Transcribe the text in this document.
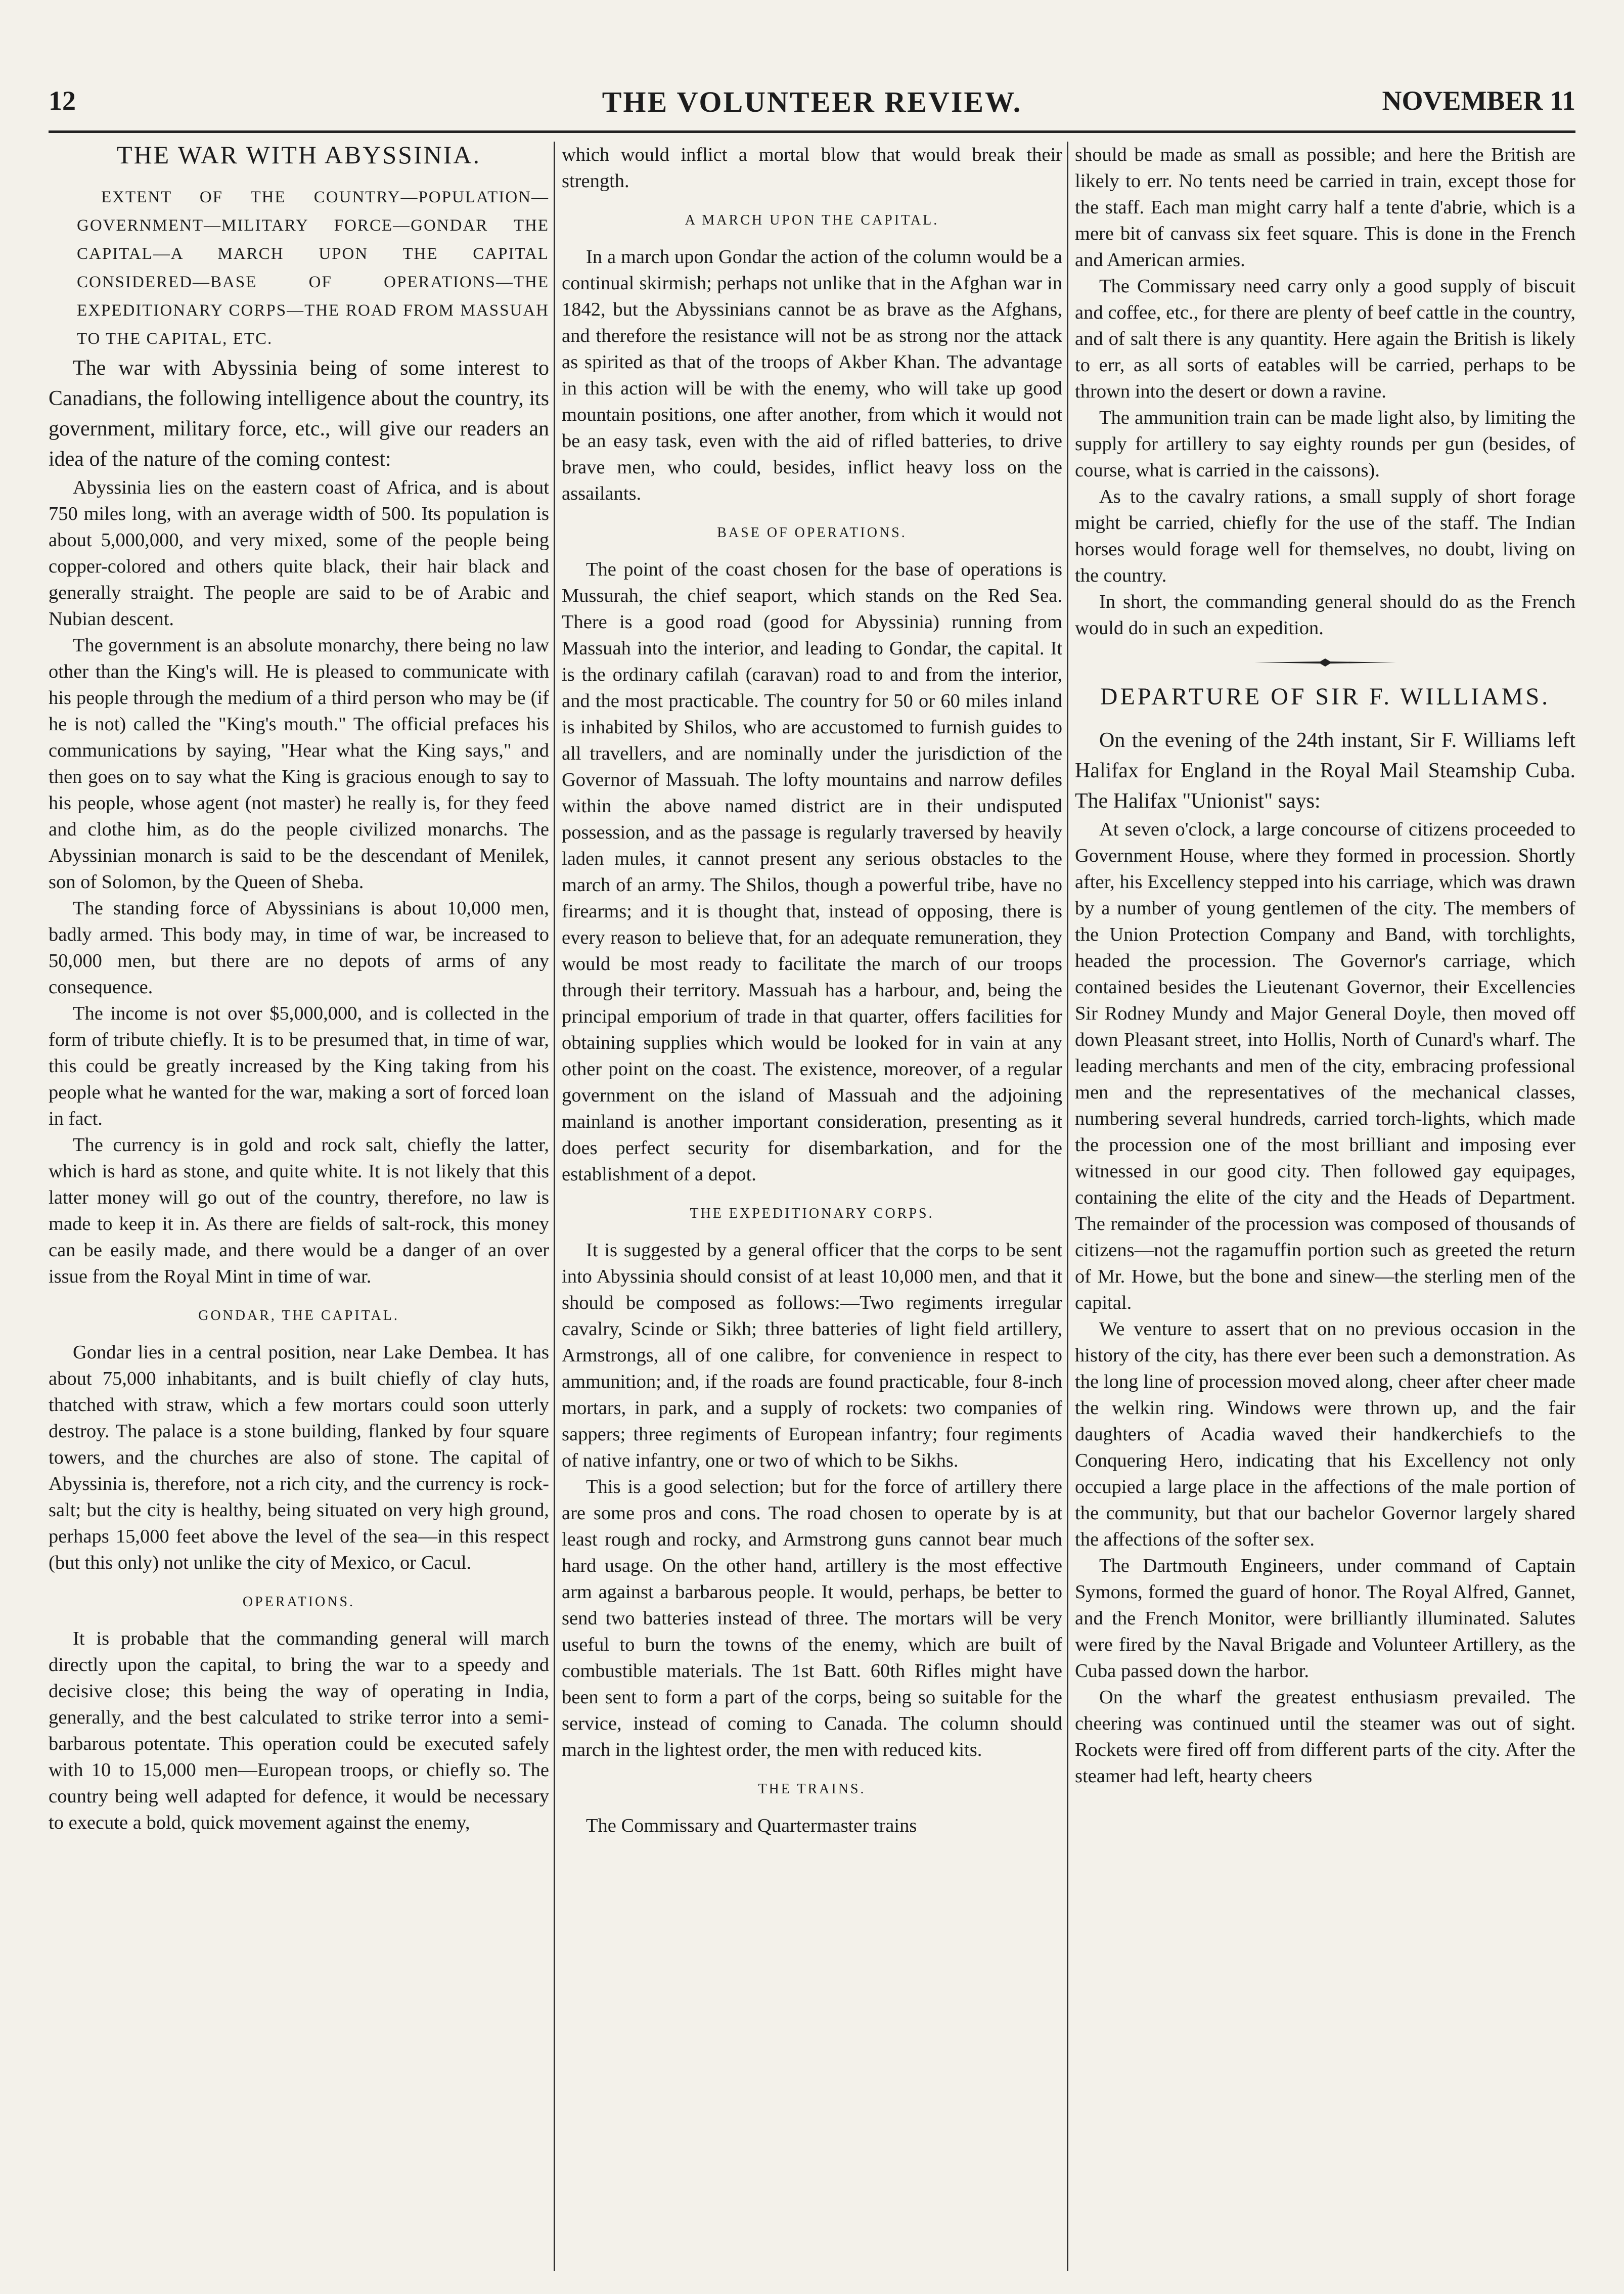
12	THE VOLUNTEER REVIEW.	NOVEMBER 11
THE WAR WITH ABYSSINIA.

EXTENT OF THE COUNTRY—POPULATION—GOVERNMENT—MILITARY FORCE—GONDAR THE CAPITAL—A MARCH UPON THE CAPITAL CONSIDERED—BASE OF OPERATIONS—THE EXPEDITIONARY CORPS—THE ROAD FROM MASSUAH TO THE CAPITAL, ETC.

The war with Abyssinia being of some interest to Canadians, the following intelligence about the country, its government, military force, etc., will give our readers an idea of the nature of the coming contest:

Abyssinia lies on the eastern coast of Africa, and is about 750 miles long, with an average width of 500. Its population is about 5,000,000, and very mixed, some of the people being copper-colored and others quite black, their hair black and generally straight. The people are said to be of Arabic and Nubian descent.

The government is an absolute monarchy, there being no law other than the King's will. He is pleased to communicate with his people through the medium of a third person who may be (if he is not) called the "King's mouth." The official prefaces his communications by saying, "Hear what the King says," and then goes on to say what the King is gracious enough to say to his people, whose agent (not master) he really is, for they feed and clothe him, as do the people civilized monarchs. The Abyssinian monarch is said to be the descendant of Menilek, son of Solomon, by the Queen of Sheba.

The standing force of Abyssinians is about 10,000 men, badly armed. This body may, in time of war, be increased to 50,000 men, but there are no depots of arms of any consequence.

The income is not over $5,000,000, and is collected in the form of tribute chiefly. It is to be presumed that, in time of war, this could be greatly increased by the King taking from his people what he wanted for the war, making a sort of forced loan in fact.

The currency is in gold and rock salt, chiefly the latter, which is hard as stone, and quite white. It is not likely that this latter money will go out of the country, therefore, no law is made to keep it in. As there are fields of salt-rock, this money can be easily made, and there would be a danger of an over issue from the Royal Mint in time of war.

GONDAR, THE CAPITAL.

Gondar lies in a central position, near Lake Dembea. It has about 75,000 inhabitants, and is built chiefly of clay huts, thatched with straw, which a few mortars could soon utterly destroy. The palace is a stone building, flanked by four square towers, and the churches are also of stone. The capital of Abyssinia is, therefore, not a rich city, and the currency is rock-salt; but the city is healthy, being situated on very high ground, perhaps 15,000 feet above the level of the sea—in this respect (but this only) not unlike the city of Mexico, or Cacul.

OPERATIONS.

It is probable that the commanding general will march directly upon the capital, to bring the war to a speedy and decisive close; this being the way of operating in India, generally, and the best calculated to strike terror into a semi-barbarous potentate. This operation could be executed safely with 10 to 15,000 men—European troops, or chiefly so. The country being well adapted for defence, it would be necessary to execute a bold, quick movement against the enemy,

which would inflict a mortal blow that would break their strength.

A MARCH UPON THE CAPITAL.

In a march upon Gondar the action of the column would be a continual skirmish; perhaps not unlike that in the Afghan war in 1842, but the Abyssinians cannot be as brave as the Afghans, and therefore the resistance will not be as strong nor the attack as spirited as that of the troops of Akber Khan. The advantage in this action will be with the enemy, who will take up good mountain positions, one after another, from which it would not be an easy task, even with the aid of rifled batteries, to drive brave men, who could, besides, inflict heavy loss on the assailants.

BASE OF OPERATIONS.

The point of the coast chosen for the base of operations is Mussurah, the chief seaport, which stands on the Red Sea. There is a good road (good for Abyssinia) running from Massuah into the interior, and leading to Gondar, the capital. It is the ordinary cafilah (caravan) road to and from the interior, and the most practicable. The country for 50 or 60 miles inland is inhabited by Shilos, who are accustomed to furnish guides to all travellers, and are nominally under the jurisdiction of the Governor of Massuah. The lofty mountains and narrow defiles within the above named district are in their undisputed possession, and as the passage is regularly traversed by heavily laden mules, it cannot present any serious obstacles to the march of an army. The Shilos, though a powerful tribe, have no firearms; and it is thought that, instead of opposing, there is every reason to believe that, for an adequate remuneration, they would be most ready to facilitate the march of our troops through their territory. Massuah has a harbour, and, being the principal emporium of trade in that quarter, offers facilities for obtaining supplies which would be looked for in vain at any other point on the coast. The existence, moreover, of a regular government on the island of Massuah and the adjoining mainland is another important consideration, presenting as it does perfect security for disembarkation, and for the establishment of a depot.

THE EXPEDITIONARY CORPS.

It is suggested by a general officer that the corps to be sent into Abyssinia should consist of at least 10,000 men, and that it should be composed as follows:—Two regiments irregular cavalry, Scinde or Sikh; three batteries of light field artillery, Armstrongs, all of one calibre, for convenience in respect to ammunition; and, if the roads are found practicable, four 8-inch mortars, in park, and a supply of rockets: two companies of sappers; three regiments of European infantry; four regiments of native infantry, one or two of which to be Sikhs.

This is a good selection; but for the force of artillery there are some pros and cons. The road chosen to operate by is at least rough and rocky, and Armstrong guns cannot bear much hard usage. On the other hand, artillery is the most effective arm against a barbarous people. It would, perhaps, be better to send two batteries instead of three. The mortars will be very useful to burn the towns of the enemy, which are built of combustible materials. The 1st Batt. 60th Rifles might have been sent to form a part of the corps, being so suitable for the service, instead of coming to Canada. The column should march in the lightest order, the men with reduced kits.

THE TRAINS.

The Commissary and Quartermaster trains

should be made as small as possible; and here the British are likely to err. No tents need be carried in train, except those for the staff. Each man might carry half a tente d'abrie, which is a mere bit of canvass six feet square. This is done in the French and American armies.

The Commissary need carry only a good supply of biscuit and coffee, etc., for there are plenty of beef cattle in the country, and of salt there is any quantity. Here again the British is likely to err, as all sorts of eatables will be carried, perhaps to be thrown into the desert or down a ravine.

The ammunition train can be made light also, by limiting the supply for artillery to say eighty rounds per gun (besides, of course, what is carried in the caissons).

As to the cavalry rations, a small supply of short forage might be carried, chiefly for the use of the staff. The Indian horses would forage well for themselves, no doubt, living on the country.

In short, the commanding general should do as the French would do in such an expedition.

DEPARTURE OF SIR F. WILLIAMS.

On the evening of the 24th instant, Sir F. Williams left Halifax for England in the Royal Mail Steamship Cuba. The Halifax "Unionist" says:

At seven o'clock, a large concourse of citizens proceeded to Government House, where they formed in procession. Shortly after, his Excellency stepped into his carriage, which was drawn by a number of young gentlemen of the city. The members of the Union Protection Company and Band, with torchlights, headed the procession. The Governor's carriage, which contained besides the Lieutenant Governor, their Excellencies Sir Rodney Mundy and Major General Doyle, then moved off down Pleasant street, into Hollis, North of Cunard's wharf. The leading merchants and men of the city, embracing professional men and the representatives of the mechanical classes, numbering several hundreds, carried torch-lights, which made the procession one of the most brilliant and imposing ever witnessed in our good city. Then followed gay equipages, containing the elite of the city and the Heads of Department. The remainder of the procession was composed of thousands of citizens—not the ragamuffin portion such as greeted the return of Mr. Howe, but the bone and sinew—the sterling men of the capital.

We venture to assert that on no previous occasion in the history of the city, has there ever been such a demonstration. As the long line of procession moved along, cheer after cheer made the welkin ring. Windows were thrown up, and the fair daughters of Acadia waved their handkerchiefs to the Conquering Hero, indicating that his Excellency not only occupied a large place in the affections of the male portion of the community, but that our bachelor Governor largely shared the affections of the softer sex.

The Dartmouth Engineers, under command of Captain Symons, formed the guard of honor. The Royal Alfred, Gannet, and the French Monitor, were brilliantly illuminated. Salutes were fired by the Naval Brigade and Volunteer Artillery, as the Cuba passed down the harbor.

On the wharf the greatest enthusiasm prevailed. The cheering was continued until the steamer was out of sight. Rockets were fired off from different parts of the city. After the steamer had left, hearty cheers
